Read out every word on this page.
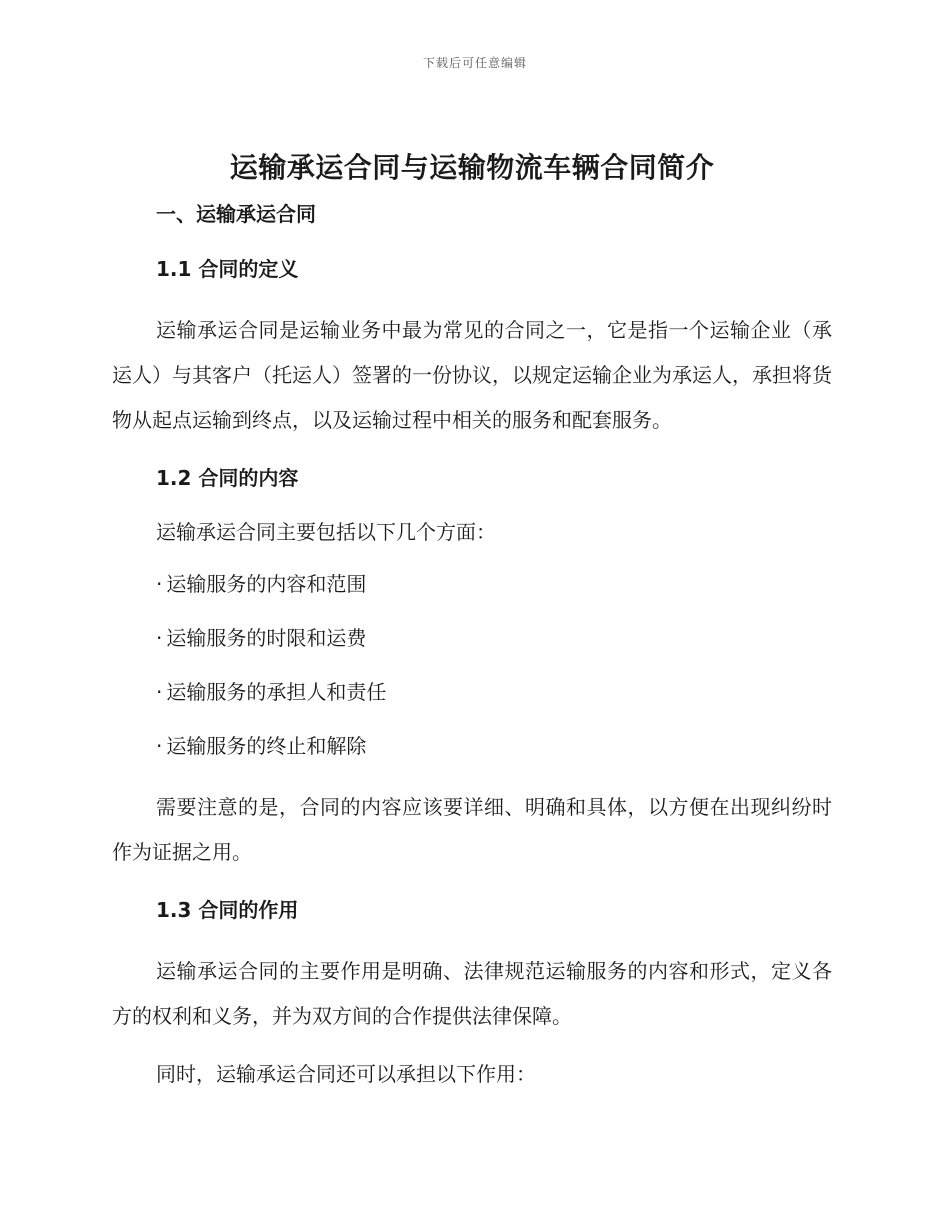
下载后可任意编辑
运输承运合同与运输物流车辆合同简介
一、运输承运合同
1.1 合同的定义

运输承运合同是运输业务中最为常见的合同之一，它是指一个运输企业（承运人）与其客户（托运人）签署的一份协议，以规定运输企业为承运人，承担将货物从起点运输到终点，以及运输过程中相关的服务和配套服务。

1.2 合同的内容

运输承运合同主要包括以下几个方面：

· 运输服务的内容和范围
· 运输服务的时限和运费
· 运输服务的承担人和责任
· 运输服务的终止和解除

需要注意的是，合同的内容应该要详细、明确和具体，以方便在出现纠纷时作为证据之用。

1.3 合同的作用

运输承运合同的主要作用是明确、法律规范运输服务的内容和形式，定义各方的权利和义务，并为双方间的合作提供法律保障。

同时，运输承运合同还可以承担以下作用：
